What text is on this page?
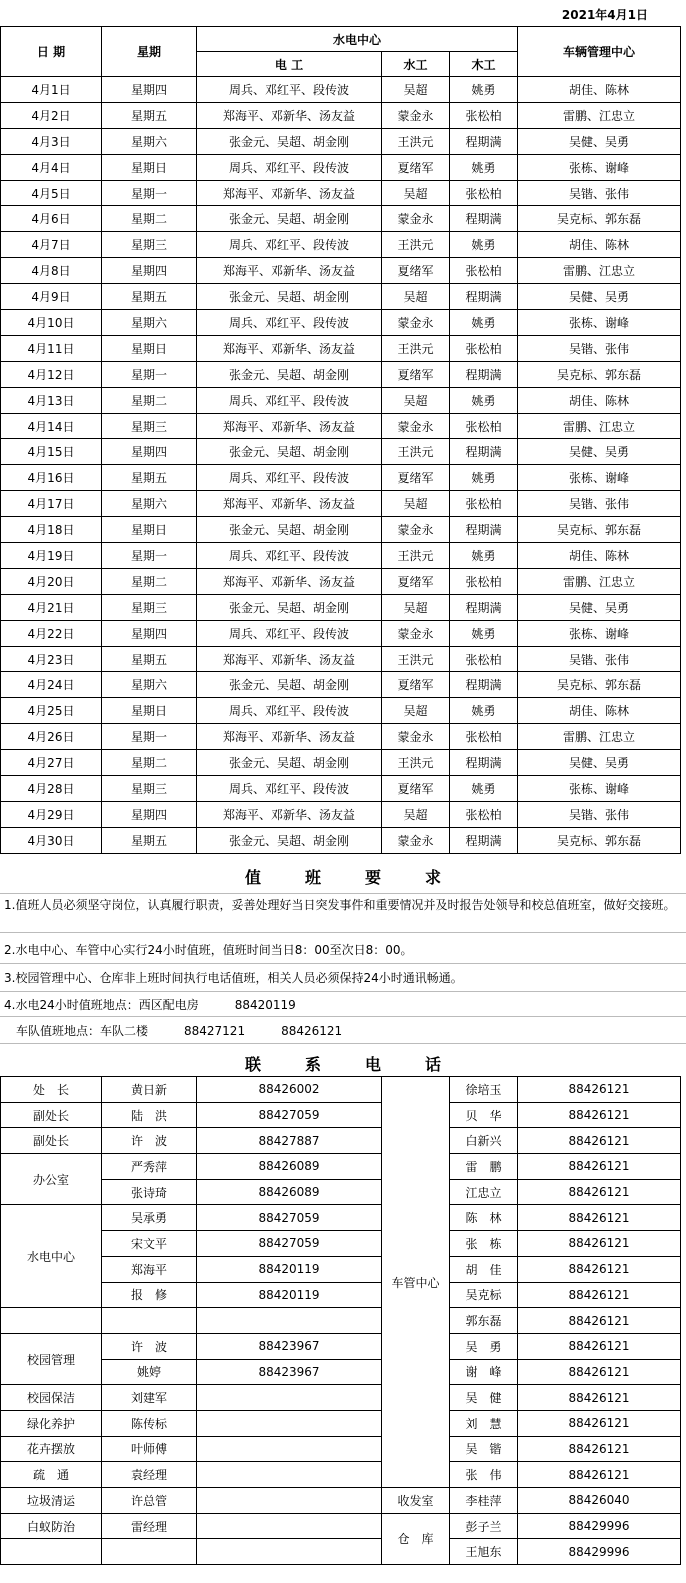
2021年4月1日
日 期	星期	水电中心			车辆管理中心
		电 工	水工	木工	
4月1日	星期四	周兵、邓红平、段传波	吴超	姚勇	胡佳、陈林
4月2日	星期五	郑海平、邓新华、汤友益	蒙金永	张松柏	雷鹏、江忠立
4月3日	星期六	张金元、吴超、胡金刚	王洪元	程期满	吴健、吴勇
4月4日	星期日	周兵、邓红平、段传波	夏绪军	姚勇	张栋、谢峰
4月5日	星期一	郑海平、邓新华、汤友益	吴超	张松柏	吴锴、张伟
4月6日	星期二	张金元、吴超、胡金刚	蒙金永	程期满	吴克标、郭东磊
4月7日	星期三	周兵、邓红平、段传波	王洪元	姚勇	胡佳、陈林
4月8日	星期四	郑海平、邓新华、汤友益	夏绪军	张松柏	雷鹏、江忠立
4月9日	星期五	张金元、吴超、胡金刚	吴超	程期满	吴健、吴勇
4月10日	星期六	周兵、邓红平、段传波	蒙金永	姚勇	张栋、谢峰
4月11日	星期日	郑海平、邓新华、汤友益	王洪元	张松柏	吴锴、张伟
4月12日	星期一	张金元、吴超、胡金刚	夏绪军	程期满	吴克标、郭东磊
4月13日	星期二	周兵、邓红平、段传波	吴超	姚勇	胡佳、陈林
4月14日	星期三	郑海平、邓新华、汤友益	蒙金永	张松柏	雷鹏、江忠立
4月15日	星期四	张金元、吴超、胡金刚	王洪元	程期满	吴健、吴勇
4月16日	星期五	周兵、邓红平、段传波	夏绪军	姚勇	张栋、谢峰
4月17日	星期六	郑海平、邓新华、汤友益	吴超	张松柏	吴锴、张伟
4月18日	星期日	张金元、吴超、胡金刚	蒙金永	程期满	吴克标、郭东磊
4月19日	星期一	周兵、邓红平、段传波	王洪元	姚勇	胡佳、陈林
4月20日	星期二	郑海平、邓新华、汤友益	夏绪军	张松柏	雷鹏、江忠立
4月21日	星期三	张金元、吴超、胡金刚	吴超	程期满	吴健、吴勇
4月22日	星期四	周兵、邓红平、段传波	蒙金永	姚勇	张栋、谢峰
4月23日	星期五	郑海平、邓新华、汤友益	王洪元	张松柏	吴锴、张伟
4月24日	星期六	张金元、吴超、胡金刚	夏绪军	程期满	吴克标、郭东磊
4月25日	星期日	周兵、邓红平、段传波	吴超	姚勇	胡佳、陈林
4月26日	星期一	郑海平、邓新华、汤友益	蒙金永	张松柏	雷鹏、江忠立
4月27日	星期二	张金元、吴超、胡金刚	王洪元	程期满	吴健、吴勇
4月28日	星期三	周兵、邓红平、段传波	夏绪军	姚勇	张栋、谢峰
4月29日	星期四	郑海平、邓新华、汤友益	吴超	张松柏	吴锴、张伟
4月30日	星期五	张金元、吴超、胡金刚	蒙金永	程期满	吴克标、郭东磊
值班要求
1.值班人员必须坚守岗位，认真履行职责，妥善处理好当日突发事件和重要情况并及时报告处领导和校总值班室，做好交接班。
2.水电中心、车管中心实行24小时值班，值班时间当日8：00至次日8：00。
3.校园管理中心、仓库非上班时间执行电话值班，相关人员必须保持24小时通讯畅通。
4.水电24小时值班地点：西区配电房　　　88420119
　车队值班地点：车队二楼　　　88427121　　　88426121
联系电话
处　长	黄日新	88426002	车管中心	徐培玉	88426121
副处长	陆　洪	88427059		贝　华	88426121
副处长	许　波	88427887		白新兴	88426121
办公室	严秀萍	88426089		雷　鹏	88426121
	张诗琦	88426089		江忠立	88426121
水电中心	吴承勇	88427059		陈　林	88426121
	宋文平	88427059		张　栋	88426121
	郑海平	88420119		胡　佳	88426121
	报　修	88420119		吴克标	88426121
				郭东磊	88426121
校园管理	许　波	88423967		吴　勇	88426121
	姚婷	88423967		谢　峰	88426121
校园保洁	刘建军			吴　健	88426121
绿化养护	陈传标			刘　慧	88426121
花卉摆放	叶师傅			吴　锴	88426121
疏　通	袁经理			张　伟	88426121
垃圾清运	许总管		收发室	李桂萍	88426040
白蚁防治	雷经理		仓　库	彭子兰	88429996
				王旭东	88429996
